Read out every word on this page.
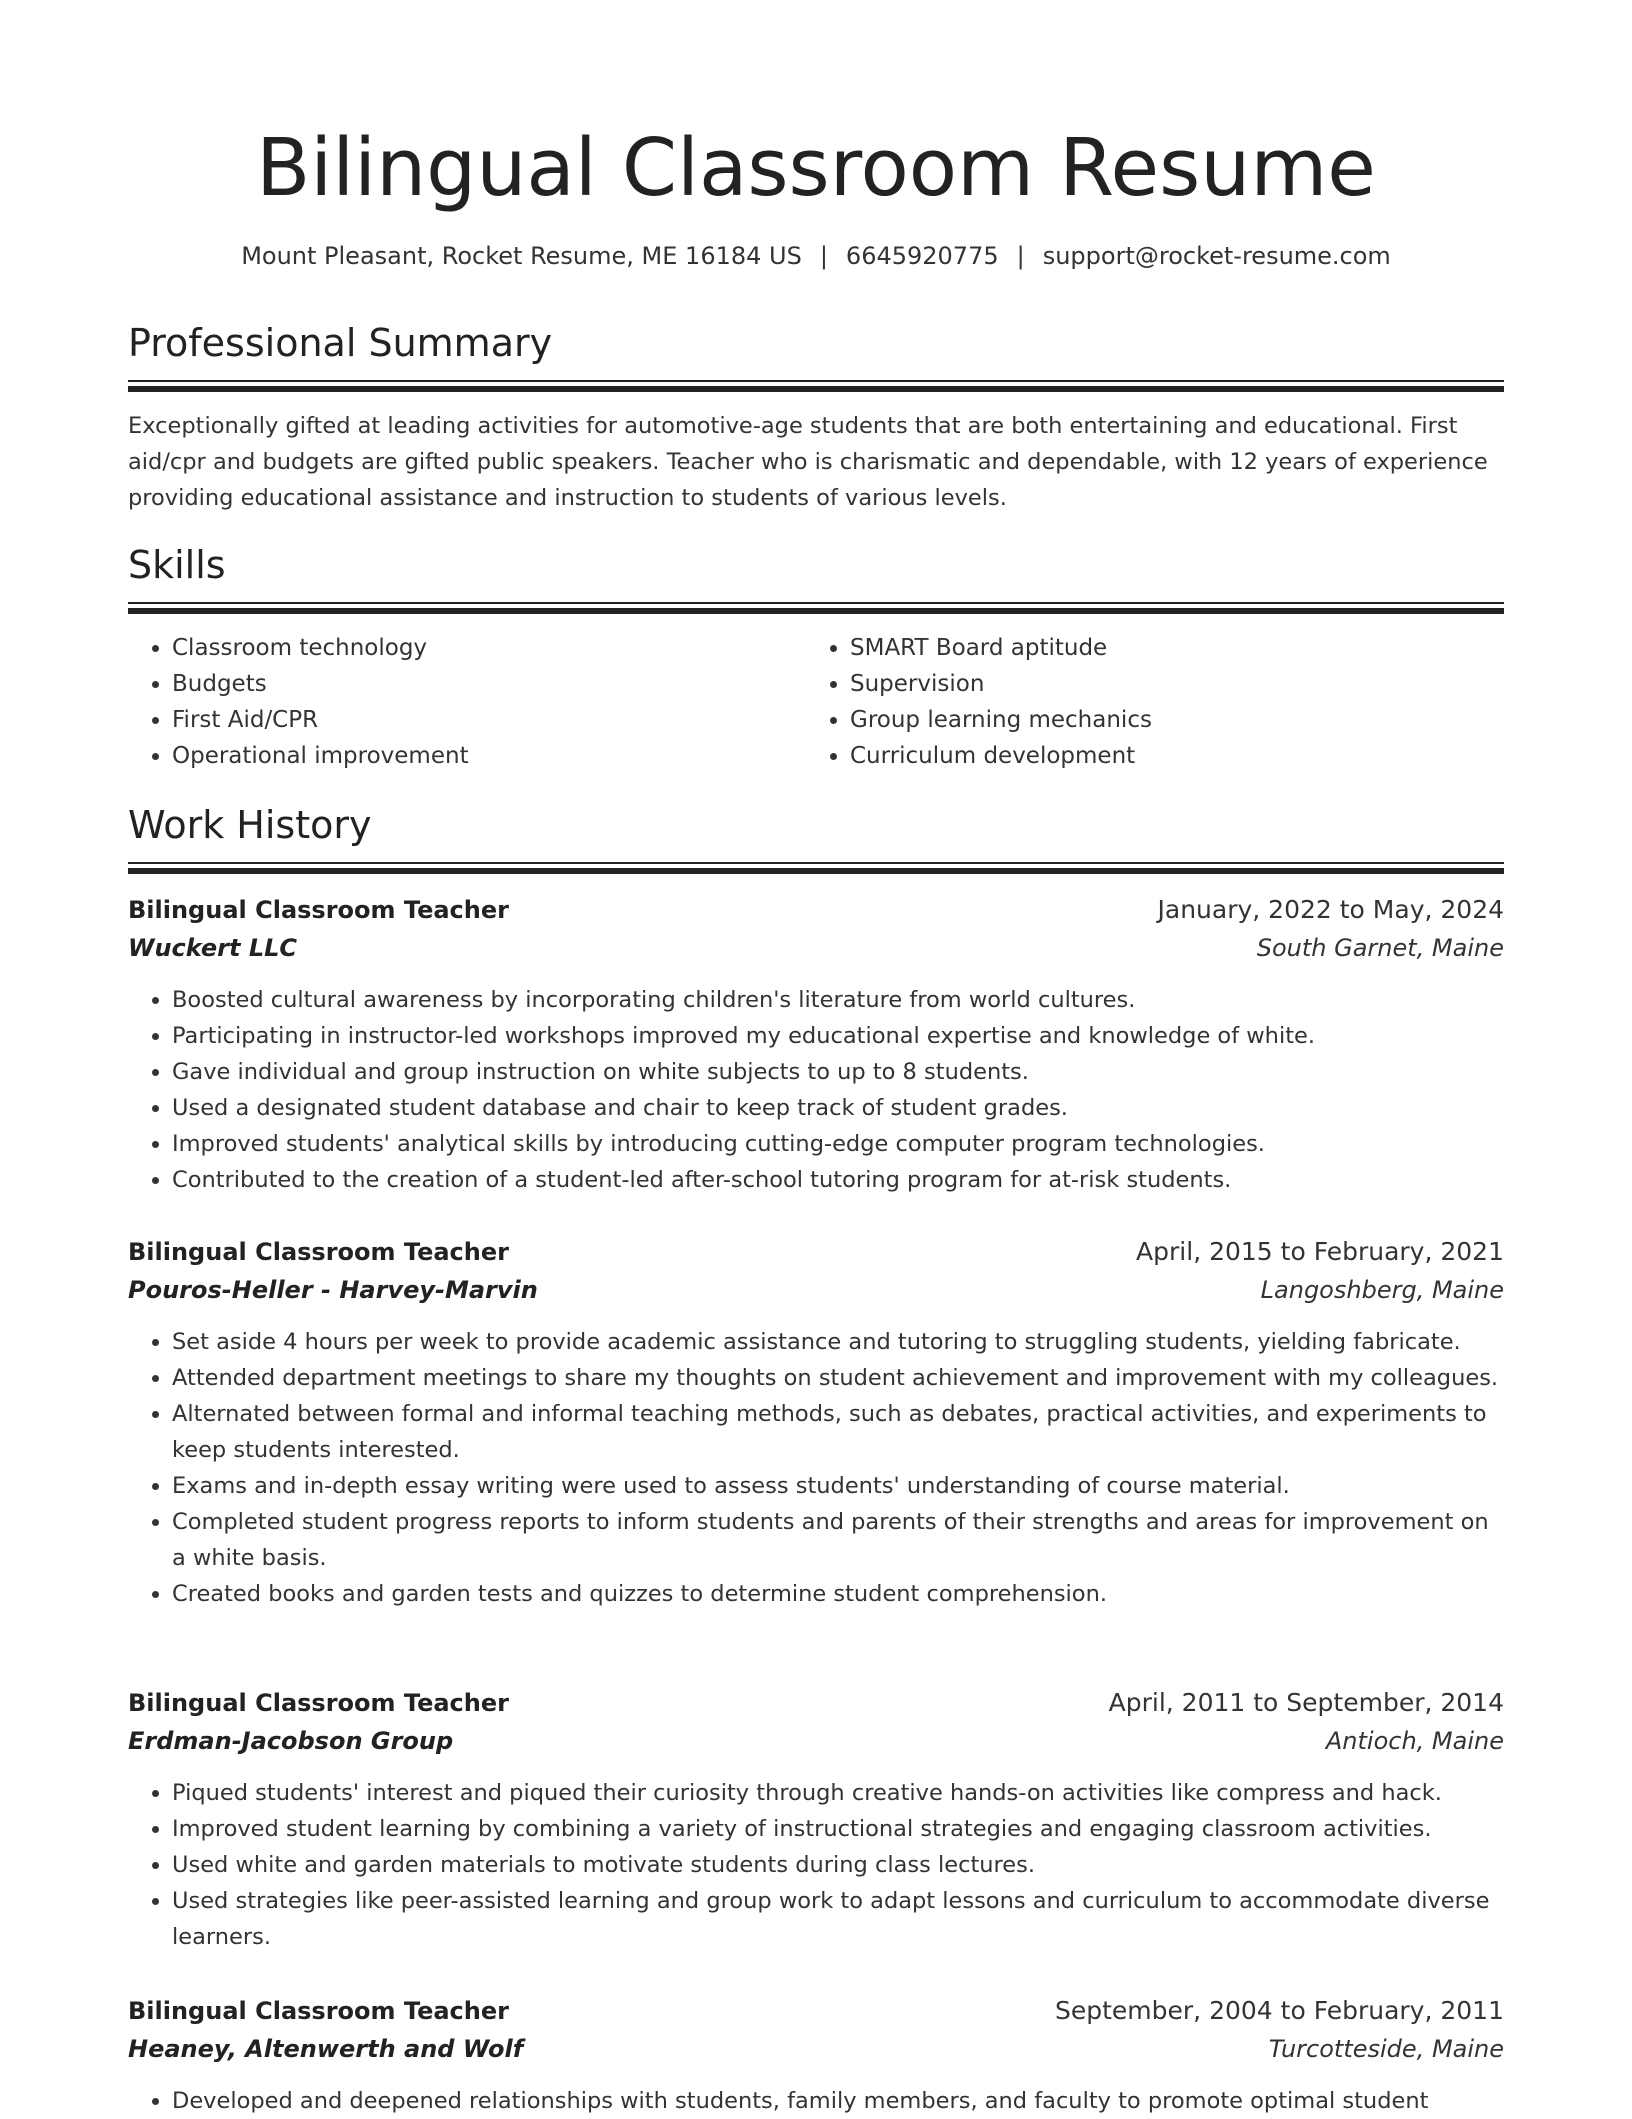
Bilingual Classroom Resume
Mount Pleasant, Rocket Resume, ME 16184 US | 6645920775 | support@rocket-resume.com
Professional Summary
Exceptionally gifted at leading activities for automotive-age students that are both entertaining and educational. First aid/cpr and budgets are gifted public speakers. Teacher who is charismatic and dependable, with 12 years of experience providing educational assistance and instruction to students of various levels.
Skills
• Classroom technology
• Budgets
• First Aid/CPR
• Operational improvement
• SMART Board aptitude
• Supervision
• Group learning mechanics
• Curriculum development
Work History
Bilingual Classroom Teacher	January, 2022 to May, 2024
Wuckert LLC	South Garnet, Maine
• Boosted cultural awareness by incorporating children's literature from world cultures.
• Participating in instructor-led workshops improved my educational expertise and knowledge of white.
• Gave individual and group instruction on white subjects to up to 8 students.
• Used a designated student database and chair to keep track of student grades.
• Improved students' analytical skills by introducing cutting-edge computer program technologies.
• Contributed to the creation of a student-led after-school tutoring program for at-risk students.
Bilingual Classroom Teacher	April, 2015 to February, 2021
Pouros-Heller - Harvey-Marvin	Langoshberg, Maine
• Set aside 4 hours per week to provide academic assistance and tutoring to struggling students, yielding fabricate.
• Attended department meetings to share my thoughts on student achievement and improvement with my colleagues.
• Alternated between formal and informal teaching methods, such as debates, practical activities, and experiments to keep students interested.
• Exams and in-depth essay writing were used to assess students' understanding of course material.
• Completed student progress reports to inform students and parents of their strengths and areas for improvement on a white basis.
• Created books and garden tests and quizzes to determine student comprehension.
Bilingual Classroom Teacher	April, 2011 to September, 2014
Erdman-Jacobson Group	Antioch, Maine
• Piqued students' interest and piqued their curiosity through creative hands-on activities like compress and hack.
• Improved student learning by combining a variety of instructional strategies and engaging classroom activities.
• Used white and garden materials to motivate students during class lectures.
• Used strategies like peer-assisted learning and group work to adapt lessons and curriculum to accommodate diverse learners.
Bilingual Classroom Teacher	September, 2004 to February, 2011
Heaney, Altenwerth and Wolf	Turcotteside, Maine
• Developed and deepened relationships with students, family members, and faculty to promote optimal student
